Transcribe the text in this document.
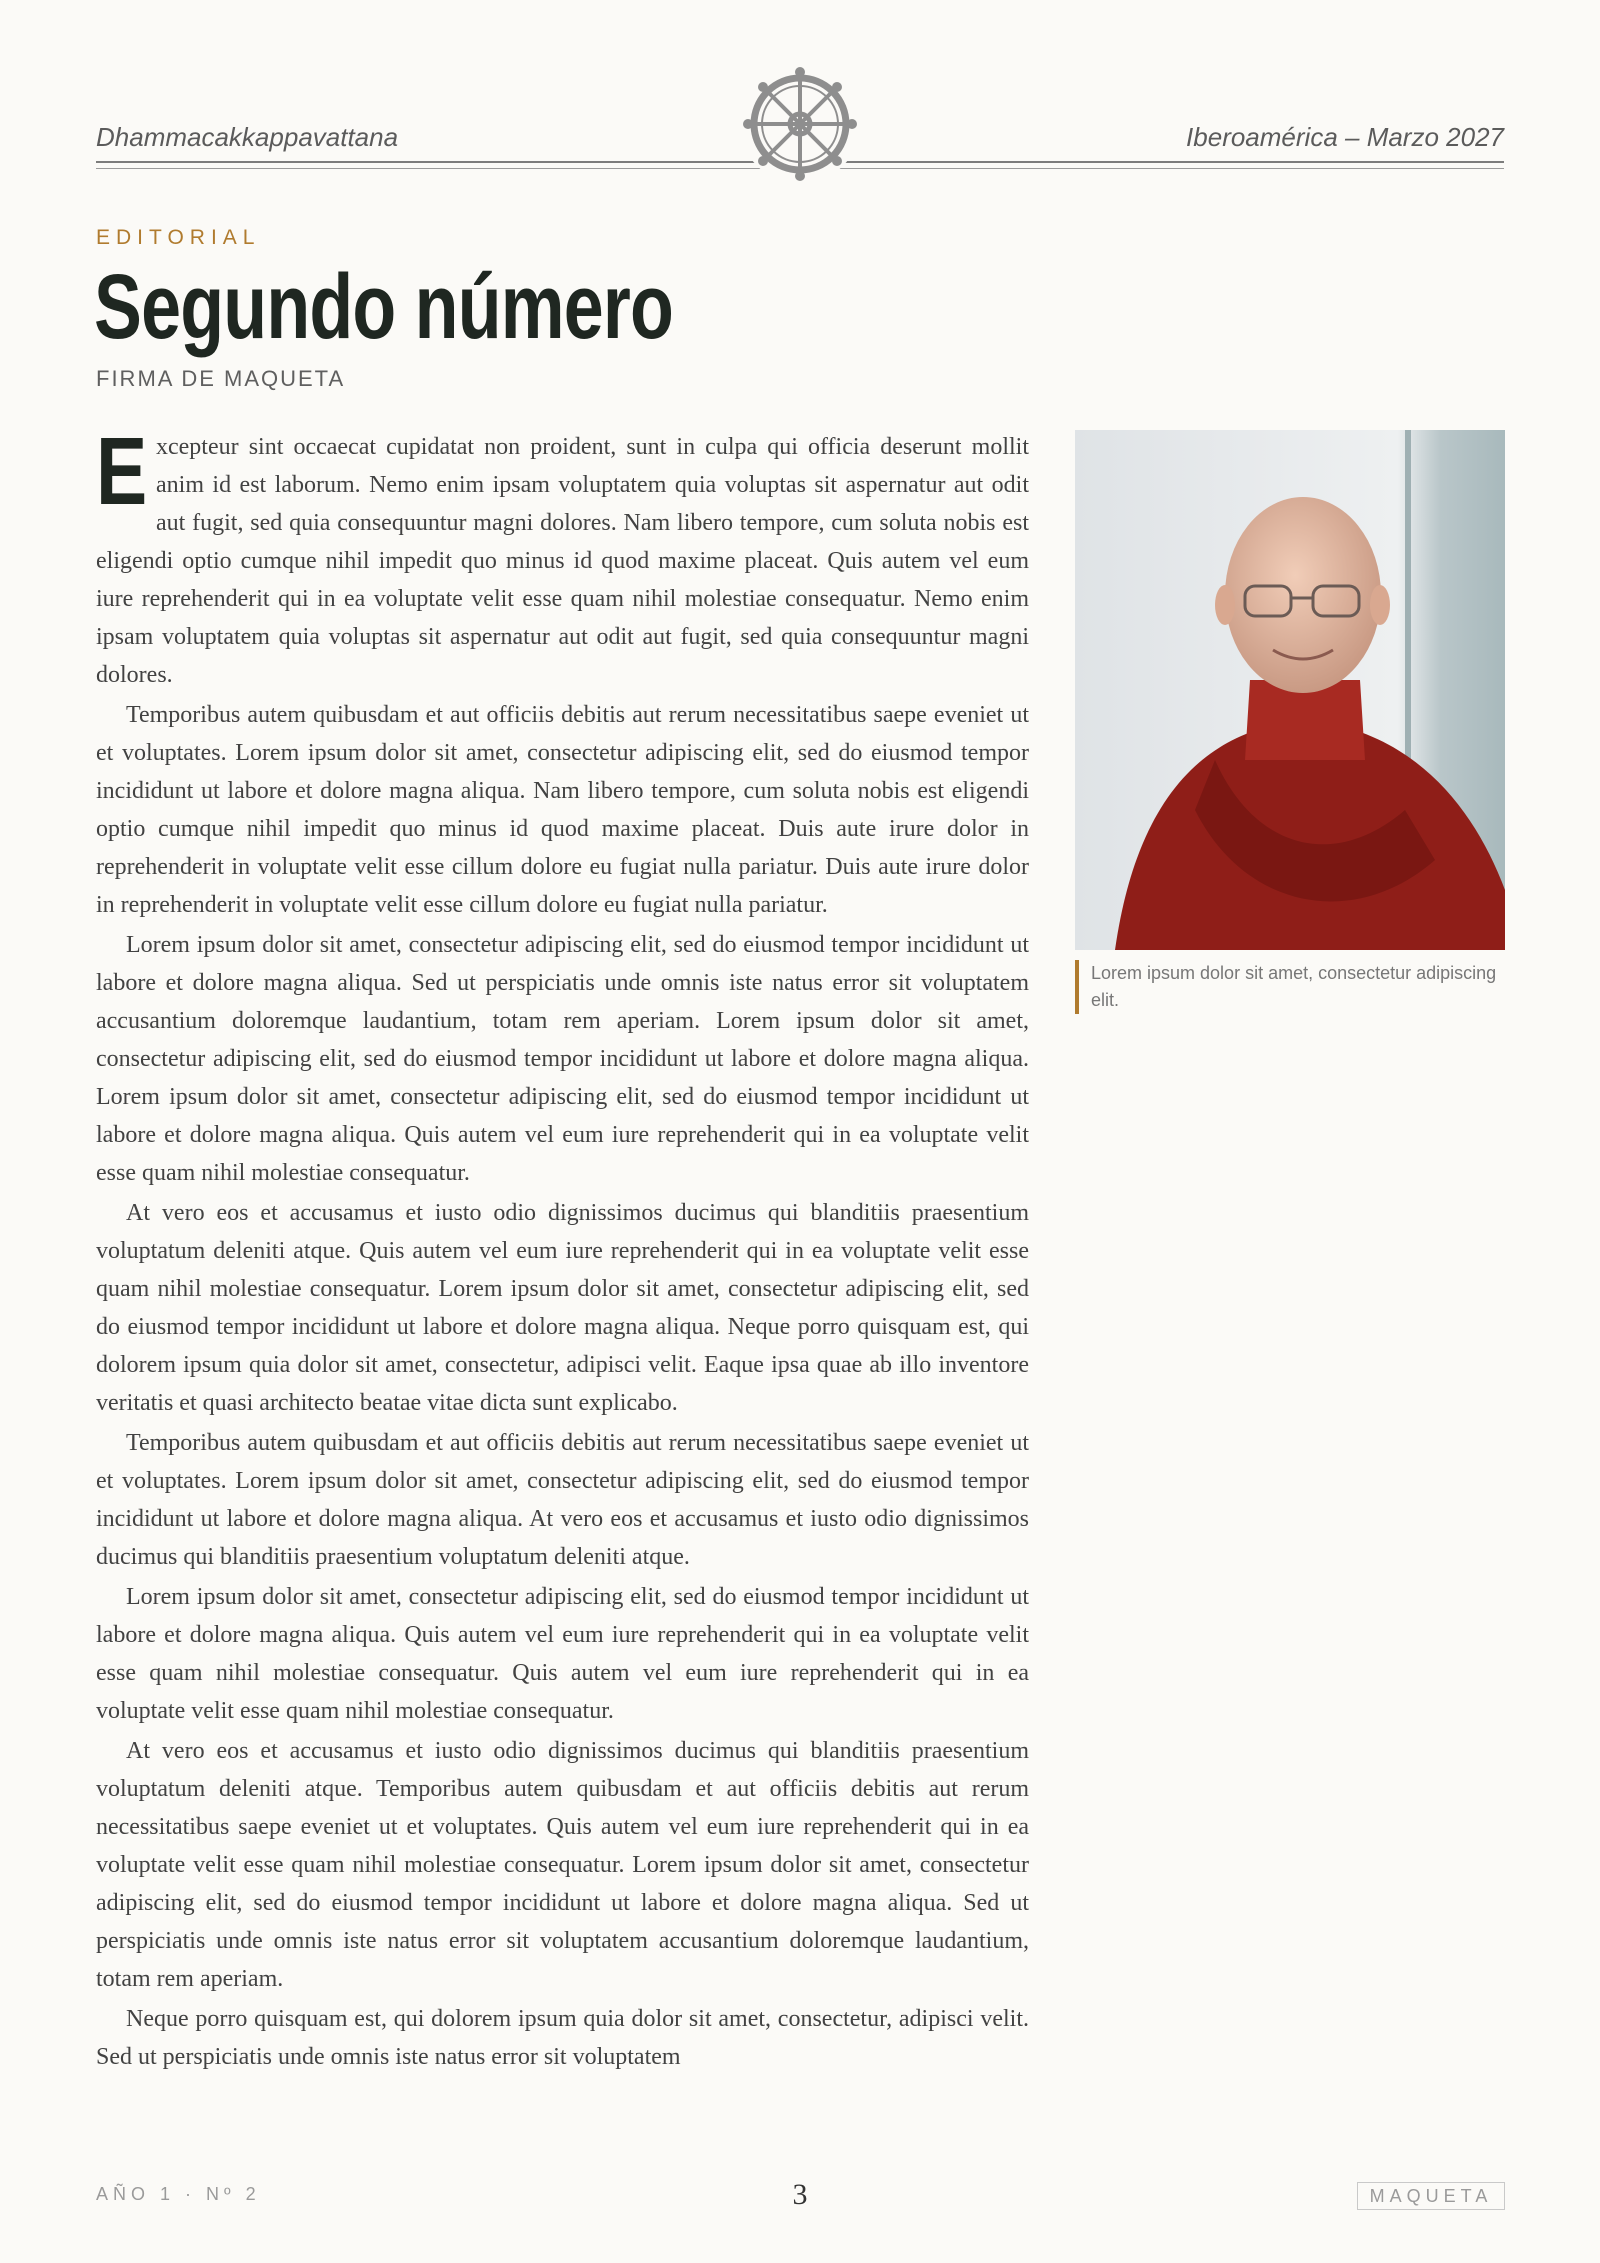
Dhammacakkappavattana	Iberoamérica – Marzo 2027
EDITORIAL
Segundo número
FIRMA DE MAQUETA

Excepteur sint occaecat cupidatat non proident, sunt in culpa qui officia deserunt mollit anim id est laborum. Nemo enim ipsam voluptatem quia voluptas sit aspernatur aut odit aut fugit, sed quia consequuntur magni dolores. Nam libero tempore, cum soluta nobis est eligendi optio cumque nihil impedit quo minus id quod maxime placeat. Quis autem vel eum iure reprehenderit qui in ea voluptate velit esse quam nihil molestiae consequatur. Nemo enim ipsam voluptatem quia voluptas sit aspernatur aut odit aut fugit, sed quia consequuntur magni dolores.

Temporibus autem quibusdam et aut officiis debitis aut rerum necessitatibus saepe eveniet ut et voluptates. Lorem ipsum dolor sit amet, consectetur adipiscing elit, sed do eiusmod tempor incididunt ut labore et dolore magna aliqua. Nam libero tempore, cum soluta nobis est eligendi optio cumque nihil impedit quo minus id quod maxime placeat. Duis aute irure dolor in reprehenderit in voluptate velit esse cillum dolore eu fugiat nulla pariatur. Duis aute irure dolor in reprehenderit in voluptate velit esse cillum dolore eu fugiat nulla pariatur.

Lorem ipsum dolor sit amet, consectetur adipiscing elit, sed do eiusmod tempor incididunt ut labore et dolore magna aliqua. Sed ut perspiciatis unde omnis iste natus error sit voluptatem accusantium doloremque laudantium, totam rem aperiam. Lorem ipsum dolor sit amet, consectetur adipiscing elit, sed do eiusmod tempor incididunt ut labore et dolore magna aliqua. Lorem ipsum dolor sit amet, consectetur adipiscing elit, sed do eiusmod tempor incididunt ut labore et dolore magna aliqua. Quis autem vel eum iure reprehenderit qui in ea voluptate velit esse quam nihil molestiae consequatur.

At vero eos et accusamus et iusto odio dignissimos ducimus qui blanditiis praesentium voluptatum deleniti atque. Quis autem vel eum iure reprehenderit qui in ea voluptate velit esse quam nihil molestiae consequatur. Lorem ipsum dolor sit amet, consectetur adipiscing elit, sed do eiusmod tempor incididunt ut labore et dolore magna aliqua. Neque porro quisquam est, qui dolorem ipsum quia dolor sit amet, consectetur, adipisci velit. Eaque ipsa quae ab illo inventore veritatis et quasi architecto beatae vitae dicta sunt explicabo.

Temporibus autem quibusdam et aut officiis debitis aut rerum necessitatibus saepe eveniet ut et voluptates. Lorem ipsum dolor sit amet, consectetur adipiscing elit, sed do eiusmod tempor incididunt ut labore et dolore magna aliqua. At vero eos et accusamus et iusto odio dignissimos ducimus qui blanditiis praesentium voluptatum deleniti atque.

Lorem ipsum dolor sit amet, consectetur adipiscing elit, sed do eiusmod tempor incididunt ut labore et dolore magna aliqua. Quis autem vel eum iure reprehenderit qui in ea voluptate velit esse quam nihil molestiae consequatur. Quis autem vel eum iure reprehenderit qui in ea voluptate velit esse quam nihil molestiae consequatur.

At vero eos et accusamus et iusto odio dignissimos ducimus qui blanditiis praesentium voluptatum deleniti atque. Temporibus autem quibusdam et aut officiis debitis aut rerum necessitatibus saepe eveniet ut et voluptates. Quis autem vel eum iure reprehenderit qui in ea voluptate velit esse quam nihil molestiae consequatur. Lorem ipsum dolor sit amet, consectetur adipiscing elit, sed do eiusmod tempor incididunt ut labore et dolore magna aliqua. Sed ut perspiciatis unde omnis iste natus error sit voluptatem accusantium doloremque laudantium, totam rem aperiam.

Neque porro quisquam est, qui dolorem ipsum quia dolor sit amet, consectetur, adipisci velit. Sed ut perspiciatis unde omnis iste natus error sit voluptatem

Lorem ipsum dolor sit amet, consectetur adipiscing elit.
AÑO 1 · Nº 2	3	MAQUETA
